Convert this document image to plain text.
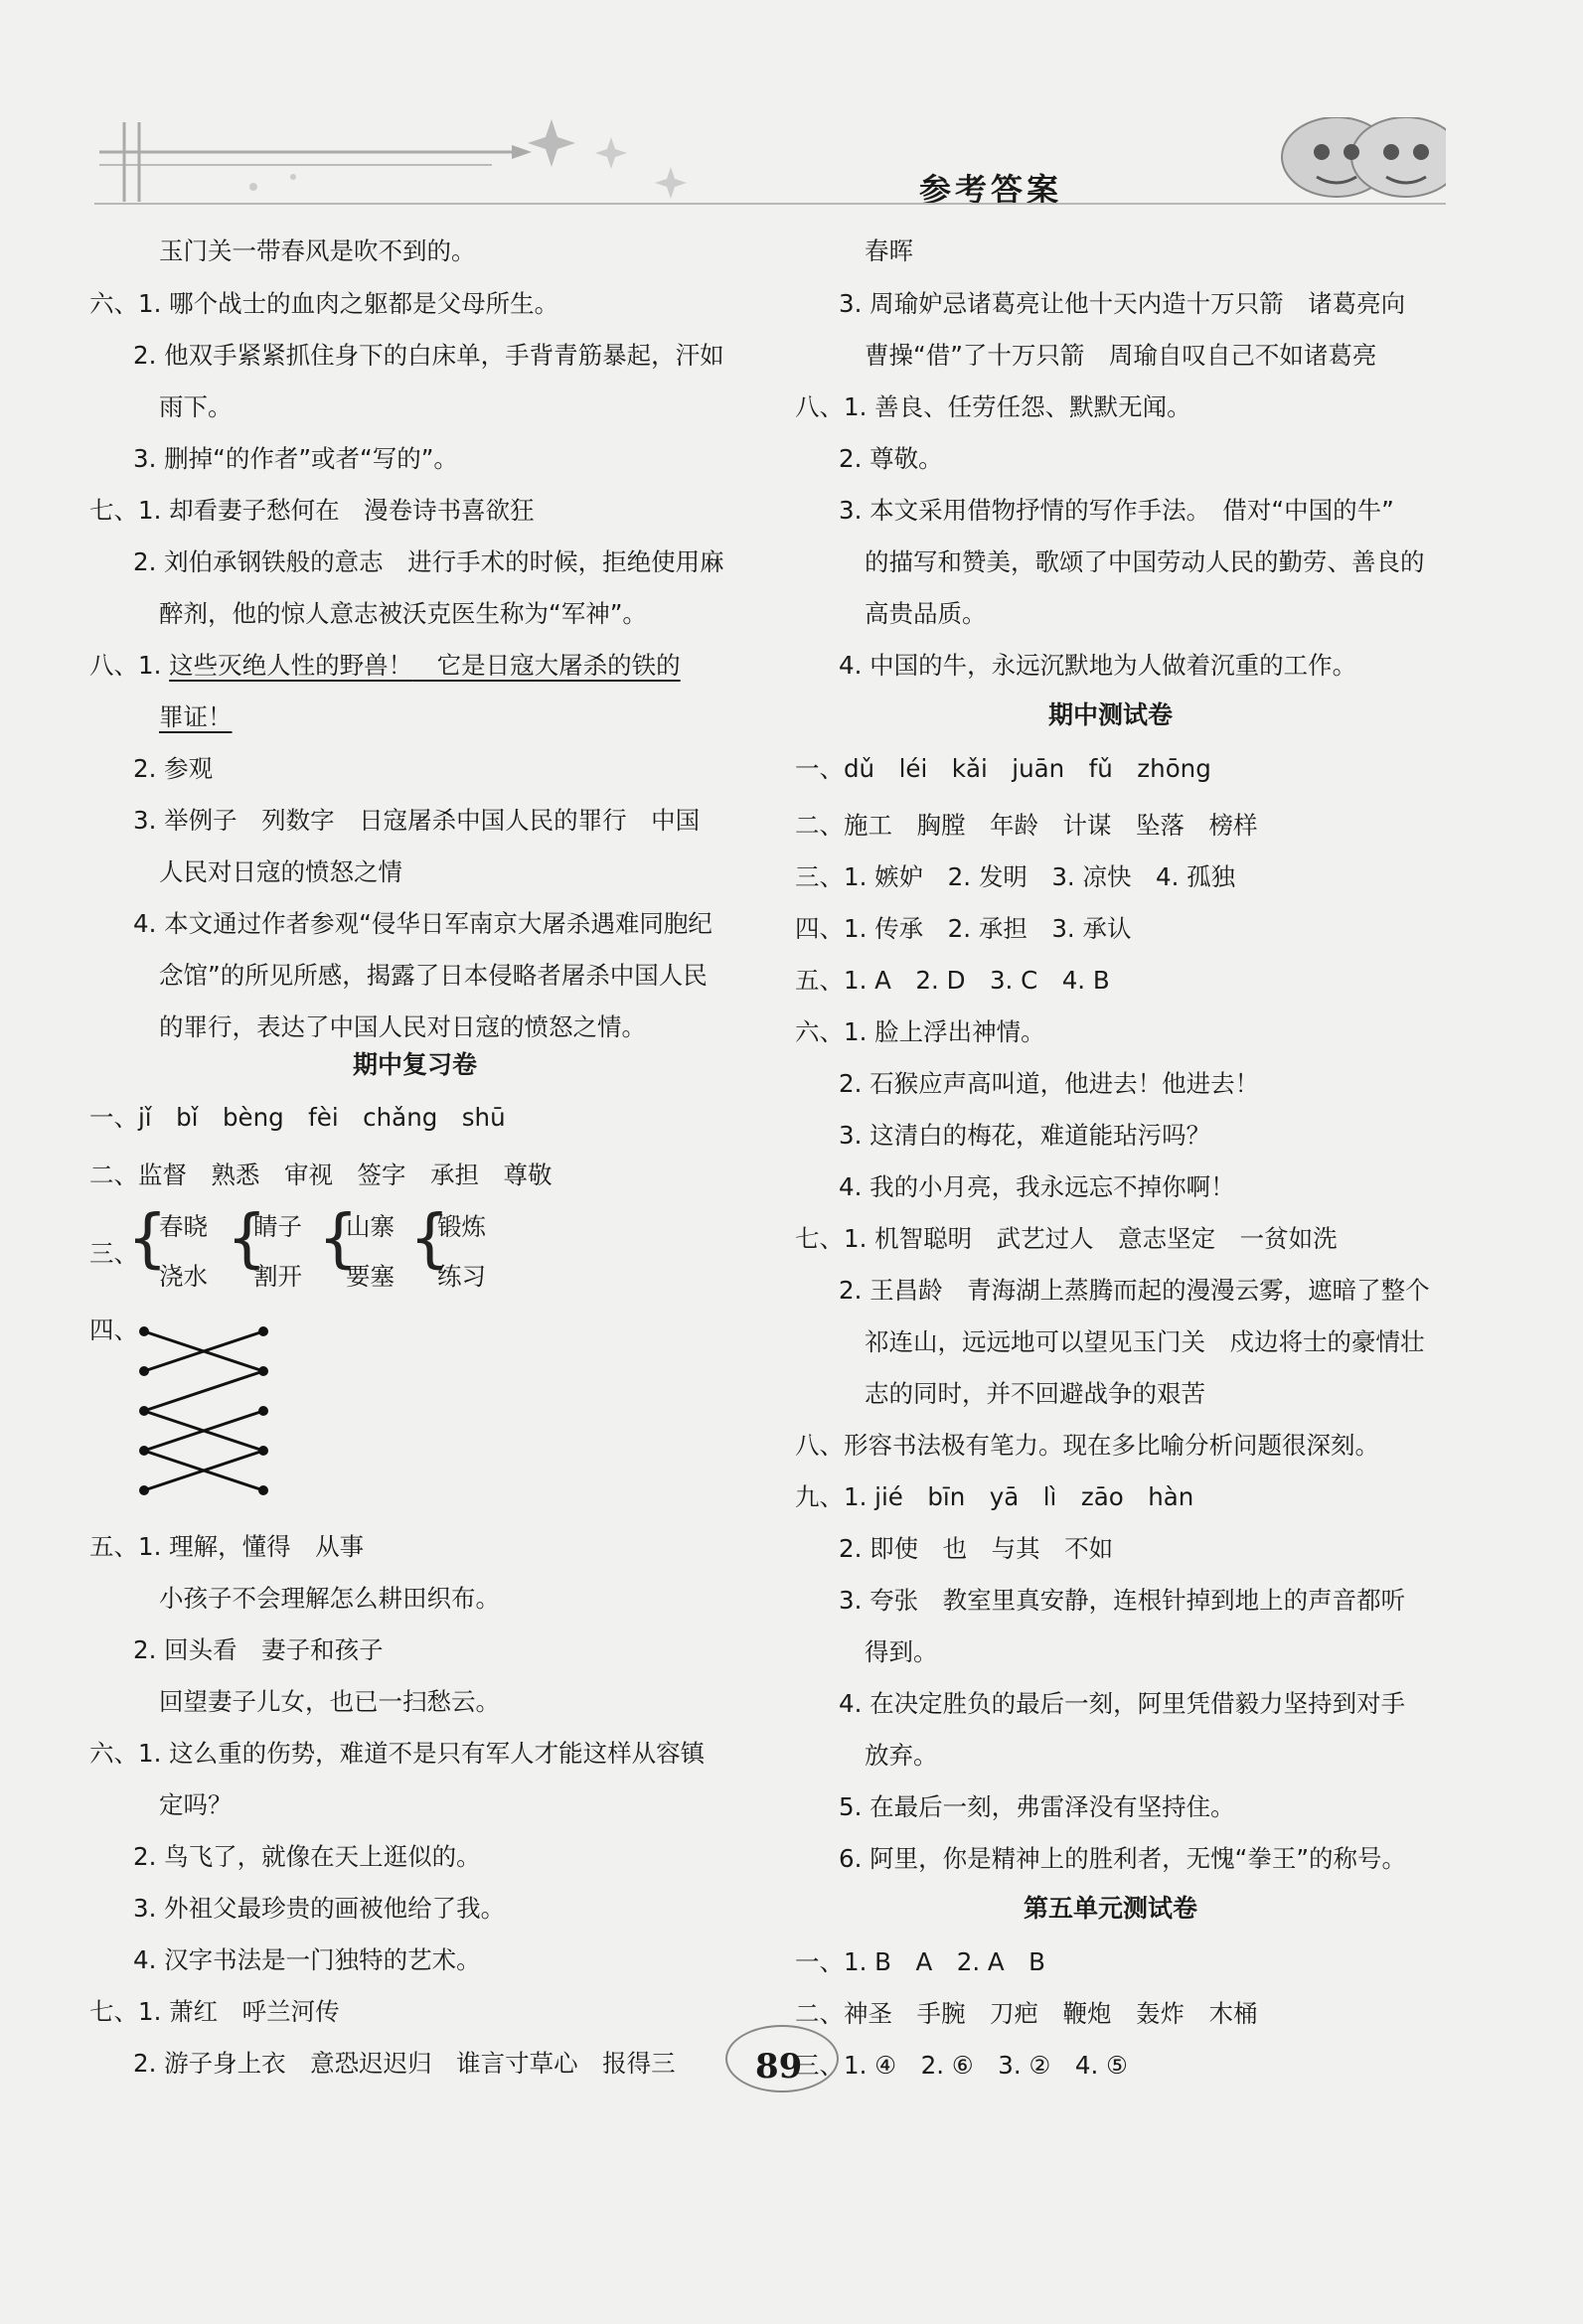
参考答案
玉门关一带春风是吹不到的。
六、1. 哪个战士的血肉之躯都是父母所生。
2. 他双手紧紧抓住身下的白床单，手背青筋暴起，汗如
雨下。
3. 删掉“的作者”或者“写的”。
七、1. 却看妻子愁何在　漫卷诗书喜欲狂
2. 刘伯承钢铁般的意志　进行手术的时候，拒绝使用麻
醉剂，他的惊人意志被沃克医生称为“军神”。
八、1. 这些灭绝人性的野兽！　它是日寇大屠杀的铁的
罪证！
2. 参观
3. 举例子　列数字　日寇屠杀中国人民的罪行　中国
人民对日寇的愤怒之情
4. 本文通过作者参观“侵华日军南京大屠杀遇难同胞纪
念馆”的所见所感，揭露了日本侵略者屠杀中国人民
的罪行，表达了中国人民对日寇的愤怒之情。
期中复习卷
一、jǐ　bǐ　bèng　fèi　chǎng　shū
二、监督　熟悉　审视　签字　承担　尊敬
三、
{
春晓
浇水
{
睛子
割开
{
山寨
要塞
{
锻炼
练习
四、
五、1. 理解，懂得　从事
小孩子不会理解怎么耕田织布。
2. 回头看　妻子和孩子
回望妻子儿女，也已一扫愁云。
六、1. 这么重的伤势，难道不是只有军人才能这样从容镇
定吗？
2. 鸟飞了，就像在天上逛似的。
3. 外祖父最珍贵的画被他给了我。
4. 汉字书法是一门独特的艺术。
七、1. 萧红　呼兰河传
2. 游子身上衣　意恐迟迟归　谁言寸草心　报得三
春晖
3. 周瑜妒忌诸葛亮让他十天内造十万只箭　诸葛亮向
曹操“借”了十万只箭　周瑜自叹自己不如诸葛亮
八、1. 善良、任劳任怨、默默无闻。
2. 尊敬。
3. 本文采用借物抒情的写作手法。　借对“中国的牛”
的描写和赞美，歌颂了中国劳动人民的勤劳、善良的
高贵品质。
4. 中国的牛，永远沉默地为人做着沉重的工作。
期中测试卷
一、dǔ　léi　kǎi　juān　fǔ　zhōng
二、施工　胸膛　年龄　计谋　坠落　榜样
三、1. 嫉妒　2. 发明　3. 凉快　4. 孤独
四、1. 传承　2. 承担　3. 承认
五、1. A　2. D　3. C　4. B
六、1. 脸上浮出神情。
2. 石猴应声高叫道，他进去！他进去！
3. 这清白的梅花，难道能玷污吗？
4. 我的小月亮，我永远忘不掉你啊！
七、1. 机智聪明　武艺过人　意志坚定　一贫如洗
2. 王昌龄　青海湖上蒸腾而起的漫漫云雾，遮暗了整个
祁连山，远远地可以望见玉门关　戍边将士的豪情壮
志的同时，并不回避战争的艰苦
八、形容书法极有笔力。现在多比喻分析问题很深刻。
九、1. jié　bīn　yā　lì　zāo　hàn
2. 即使　也　与其　不如
3. 夸张　教室里真安静，连根针掉到地上的声音都听
得到。
4. 在决定胜负的最后一刻，阿里凭借毅力坚持到对手
放弃。
5. 在最后一刻，弗雷泽没有坚持住。
6. 阿里，你是精神上的胜利者，无愧“拳王”的称号。
第五单元测试卷
一、1. B　A　2. A　B
二、神圣　手腕　刀疤　鞭炮　轰炸　木桶
三、1. ④　2. ⑥　3. ②　4. ⑤
89
